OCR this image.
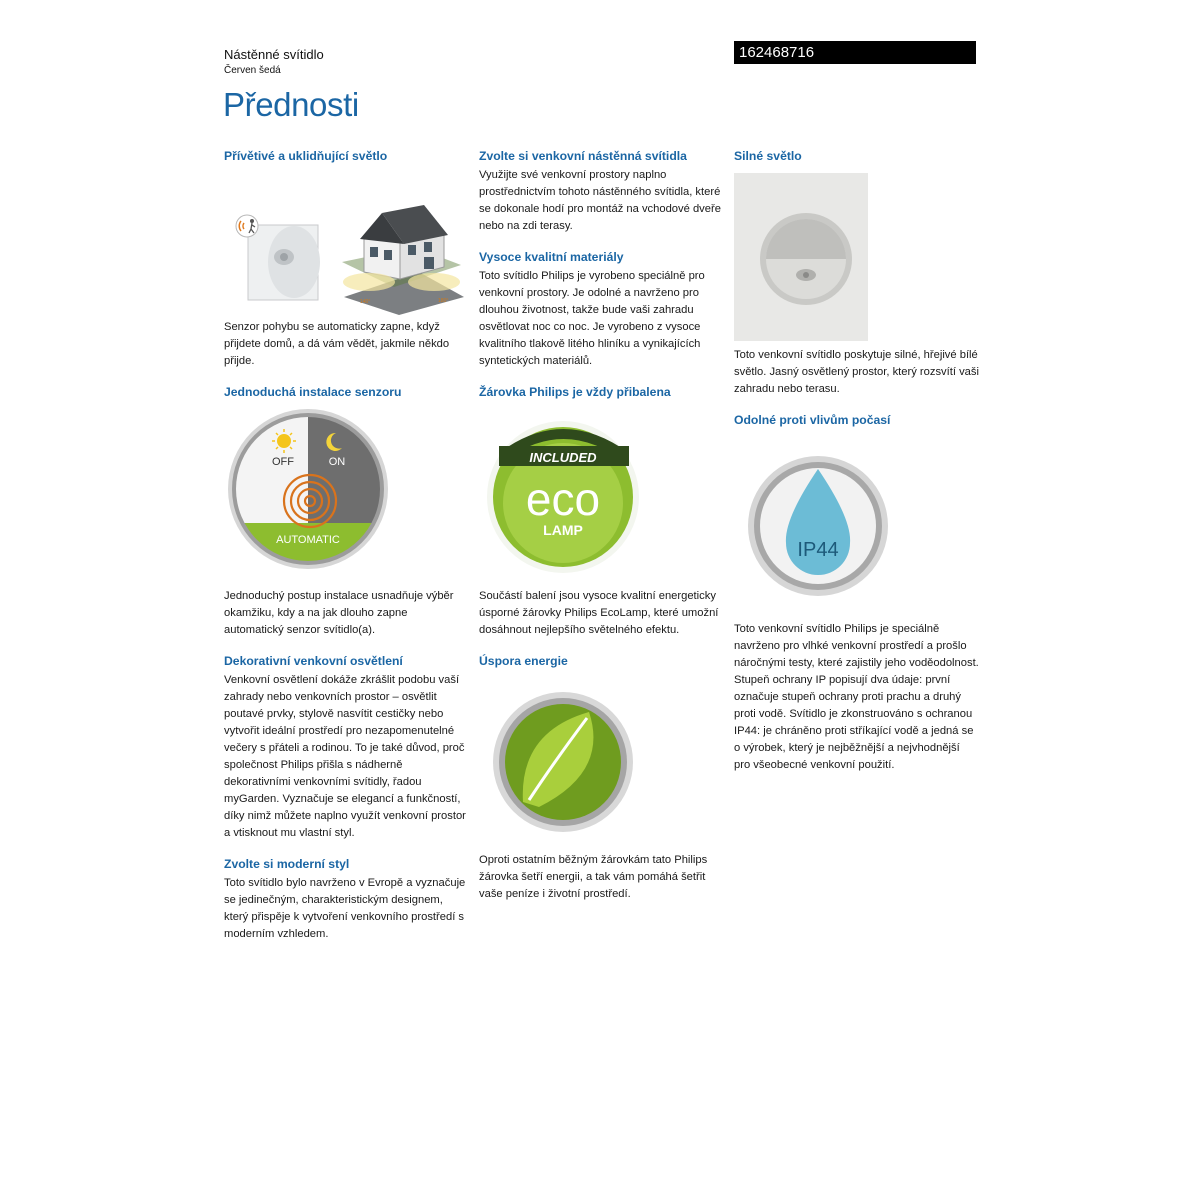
Nástěnné svítidlo
Červen šedá
162468716
Přednosti
Přívětivé a uklidňující světlo
140°	180°

Senzor pohybu se automaticky zapne, když přijdete domů, a dá vám vědět, jakmile někdo přijde.

Jednoduchá instalace senzoru
OFF	ON
AUTOMATIC

Jednoduchý postup instalace usnadňuje výběr okamžiku, kdy a na jak dlouho zapne automatický senzor svítidlo(a).

Dekorativní venkovní osvětlení

Venkovní osvětlení dokáže zkrášlit podobu vaší zahrady nebo venkovních prostor – osvětlit poutavé prvky, stylově nasvítit cestičky nebo vytvořit ideální prostředí pro nezapomenutelné večery s přáteli a rodinou. To je také důvod, proč společnost Philips přišla s nádherně dekorativními venkovními svítidly, řadou myGarden. Vyznačuje se elegancí a funkčností, díky nimž můžete naplno využít venkovní prostor a vtisknout mu vlastní styl.

Zvolte si moderní styl

Toto svítidlo bylo navrženo v Evropě a vyznačuje se jedinečným, charakteristickým designem, který přispěje k vytvoření venkovního prostředí s moderním vzhledem.

Zvolte si venkovní nástěnná svítidla

Využijte své venkovní prostory naplno prostřednictvím tohoto nástěnného svítidla, které se dokonale hodí pro montáž na vchodové dveře nebo na zdi terasy.

Vysoce kvalitní materiály

Toto svítidlo Philips je vyrobeno speciálně pro venkovní prostory. Je odolné a navrženo pro dlouhou životnost, takže bude vaši zahradu osvětlovat noc co noc. Je vyrobeno z vysoce kvalitního tlakově litého hliníku a vynikajících syntetických materiálů.

Žárovka Philips je vždy přibalena
INCLUDED
eco
LAMP

Součástí balení jsou vysoce kvalitní energeticky úsporné žárovky Philips EcoLamp, které umožní dosáhnout nejlepšího světelného efektu.

Úspora energie

Oproti ostatním běžným žárovkám tato Philips žárovka šetří energii, a tak vám pomáhá šetřit vaše peníze i životní prostředí.

Silné světlo

Toto venkovní svítidlo poskytuje silné, hřejivé bílé světlo. Jasný osvětlený prostor, který rozsvítí vaši zahradu nebo terasu.

Odolné proti vlivům počasí
IP44

Toto venkovní svítidlo Philips je speciálně navrženo pro vlhké venkovní prostředí a prošlo náročnými testy, které zajistily jeho voděodolnost. Stupeň ochrany IP popisují dva údaje: první označuje stupeň ochrany proti prachu a druhý proti vodě. Svítidlo je zkonstruováno s ochranou IP44: je chráněno proti stříkající vodě a jedná se o výrobek, který je nejběžnější a nejvhodnější pro všeobecné venkovní použití.
